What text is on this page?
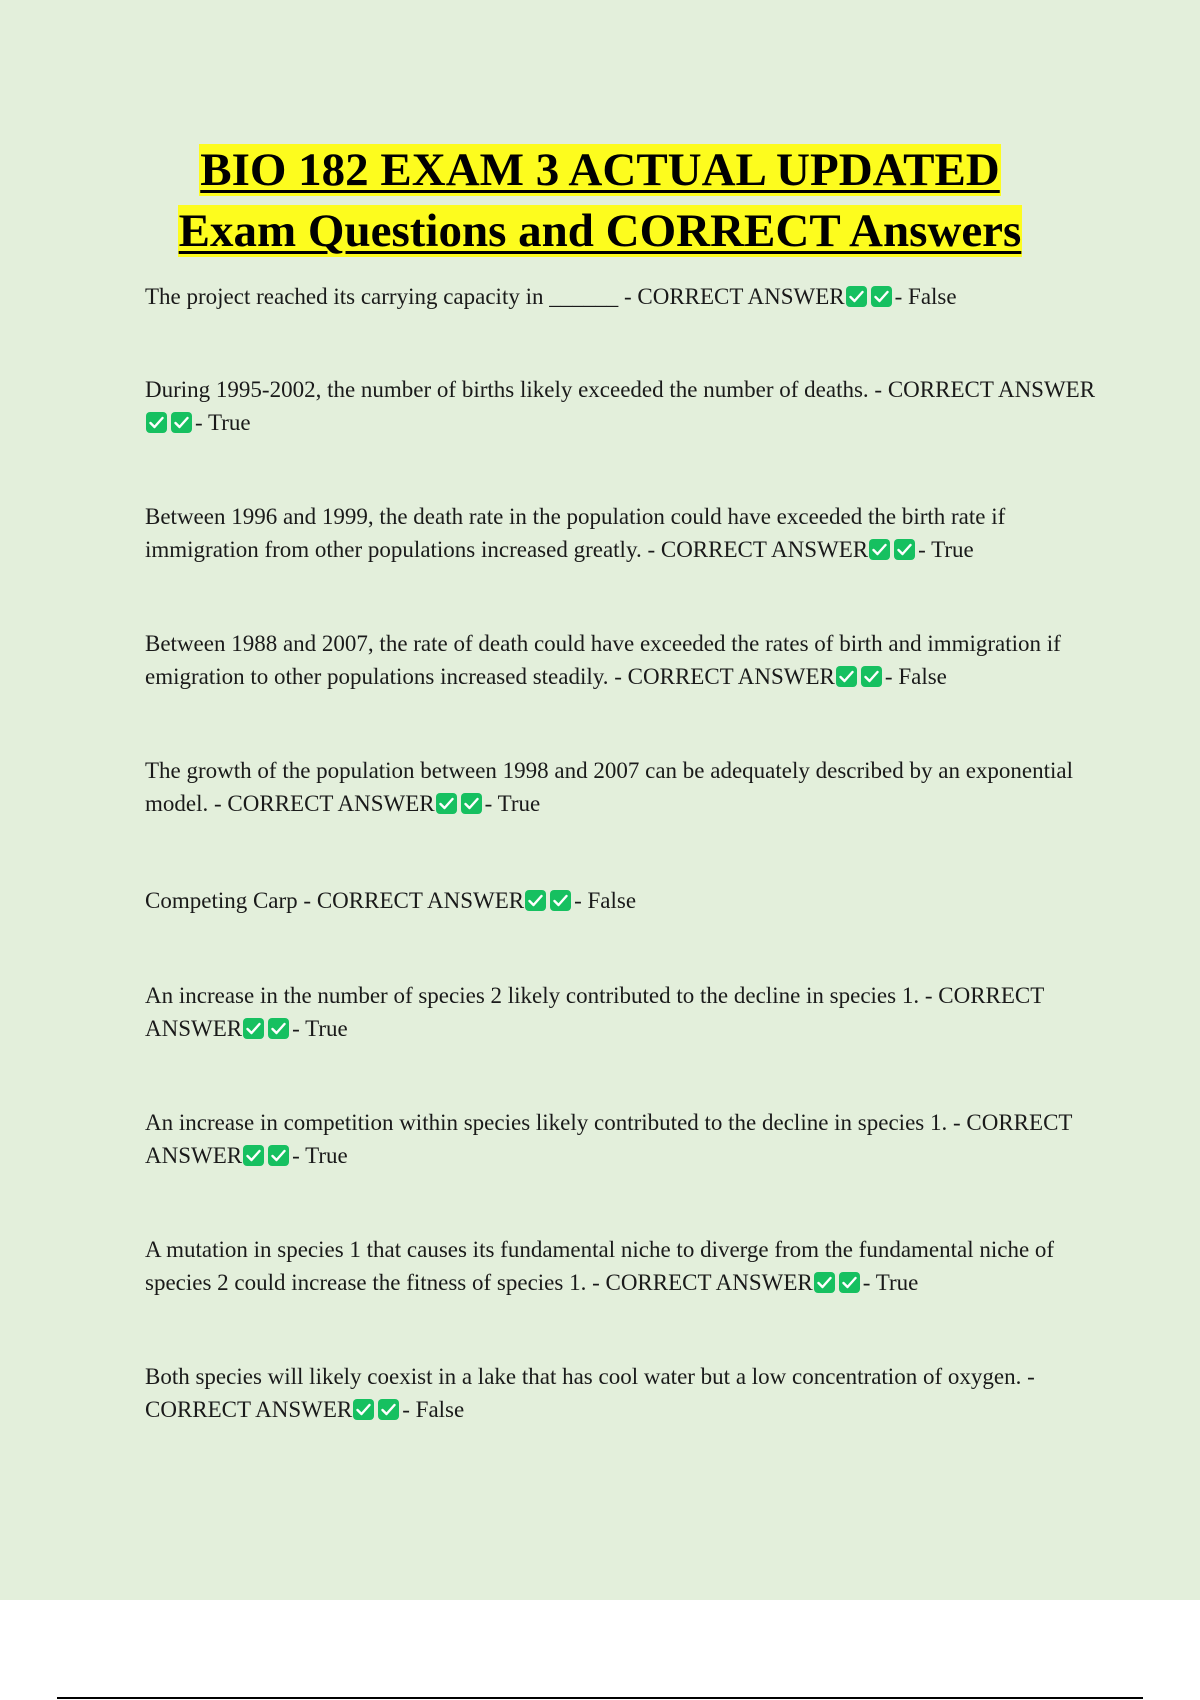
BIO 182 EXAM 3 ACTUAL UPDATED
Exam Questions and CORRECT Answers
The project reached its carrying capacity in ______ - CORRECT ANSWER - False
During 1995-2002, the number of births likely exceeded the number of deaths. - CORRECT ANSWER
- True
Between 1996 and 1999, the death rate in the population could have exceeded the birth rate if immigration from other populations increased greatly. - CORRECT ANSWER - True
Between 1988 and 2007, the rate of death could have exceeded the rates of birth and immigration if emigration to other populations increased steadily. - CORRECT ANSWER - False
The growth of the population between 1998 and 2007 can be adequately described by an exponential model. - CORRECT ANSWER - True
Competing Carp - CORRECT ANSWER - False
An increase in the number of species 2 likely contributed to the decline in species 1. - CORRECT ANSWER - True
An increase in competition within species likely contributed to the decline in species 1. - CORRECT ANSWER - True
A mutation in species 1 that causes its fundamental niche to diverge from the fundamental niche of species 2 could increase the fitness of species 1. - CORRECT ANSWER - True
Both species will likely coexist in a lake that has cool water but a low concentration of oxygen. - CORRECT ANSWER - False
